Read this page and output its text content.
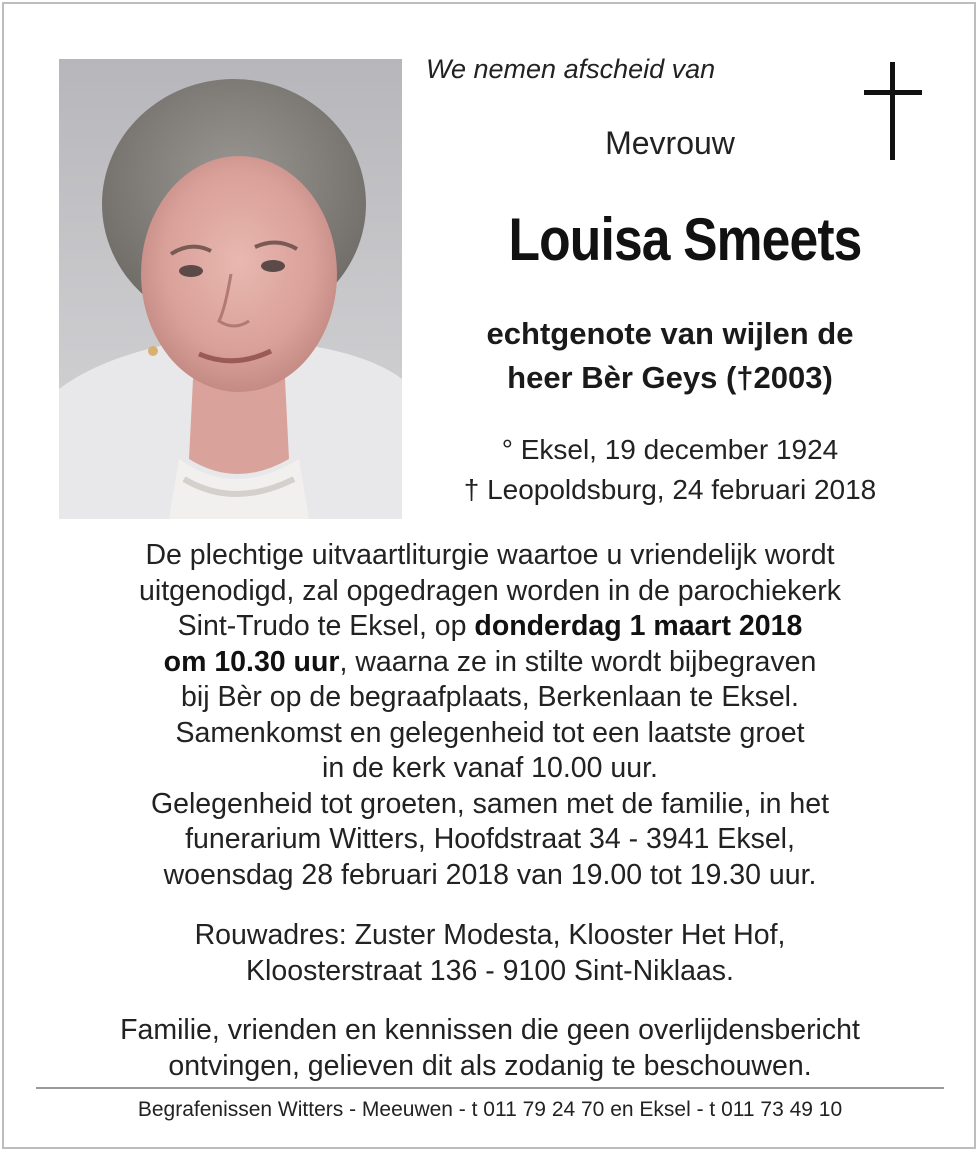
We nemen afscheid van
Mevrouw
Louisa Smeets
echtgenote van wijlen de
heer Bèr Geys (†2003)
° Eksel, 19 december 1924
† Leopoldsburg, 24 februari 2018
De plechtige uitvaartliturgie waartoe u vriendelijk wordt
uitgenodigd, zal opgedragen worden in de parochiekerk
Sint-Trudo te Eksel, op donderdag 1 maart 2018
om 10.30 uur, waarna ze in stilte wordt bijbegraven
bij Bèr op de begraafplaats, Berkenlaan te Eksel.
Samenkomst en gelegenheid tot een laatste groet
in de kerk vanaf 10.00 uur.
Gelegenheid tot groeten, samen met de familie, in het
funerarium Witters, Hoofdstraat 34 - 3941 Eksel,
woensdag 28 februari 2018 van 19.00 tot 19.30 uur.
Rouwadres: Zuster Modesta, Klooster Het Hof,
Kloosterstraat 136 - 9100 Sint-Niklaas.
Familie, vrienden en kennissen die geen overlijdensbericht
ontvingen, gelieven dit als zodanig te beschouwen.
Begrafenissen Witters - Meeuwen - t 011 79 24 70 en Eksel - t 011 73 49 10
